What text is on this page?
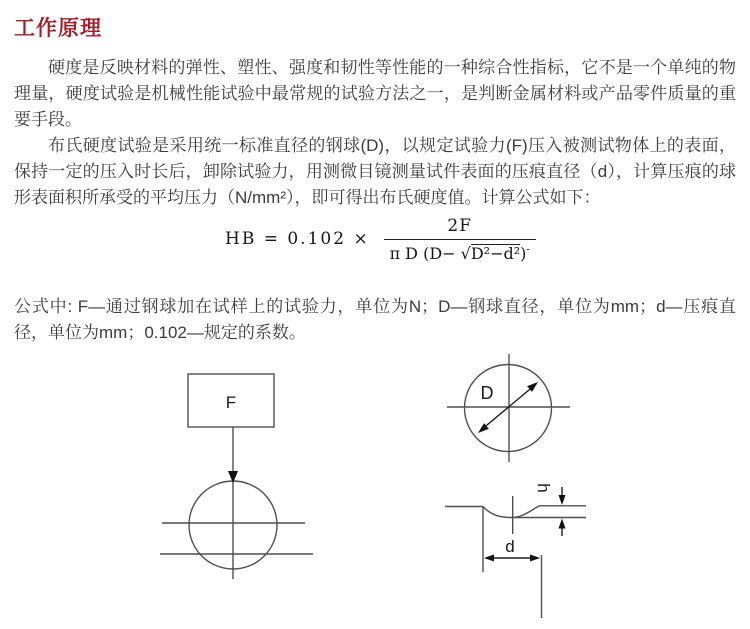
工作原理

硬度是反映材料的弹性、塑性、强度和韧性等性能的一种综合性指标，它不是一个单纯的物理量，硬度试验是机械性能试验中最常规的试验方法之一，是判断金属材料或产品零件质量的重要手段。

布氏硬度试验是采用统一标准直径的钢球(D)，以规定试验力(F)压入被测试物体上的表面，保持一定的压入时长后，卸除试验力，用测微目镜测量试件表面的压痕直径（d），计算压痕的球形表面积所承受的平均压力（N/mm²），即可得出布氏硬度值。计算公式如下：

HB = $0.102 \times \frac{2F}{\pi D (D- √D^2-d^2)^-}$

公式中: F—通过钢球加在试样上的试验力，单位为N；D—钢球直径，单位为mm；d—压痕直径，单位为mm；0.102—规定的系数。

F	D
h
d
